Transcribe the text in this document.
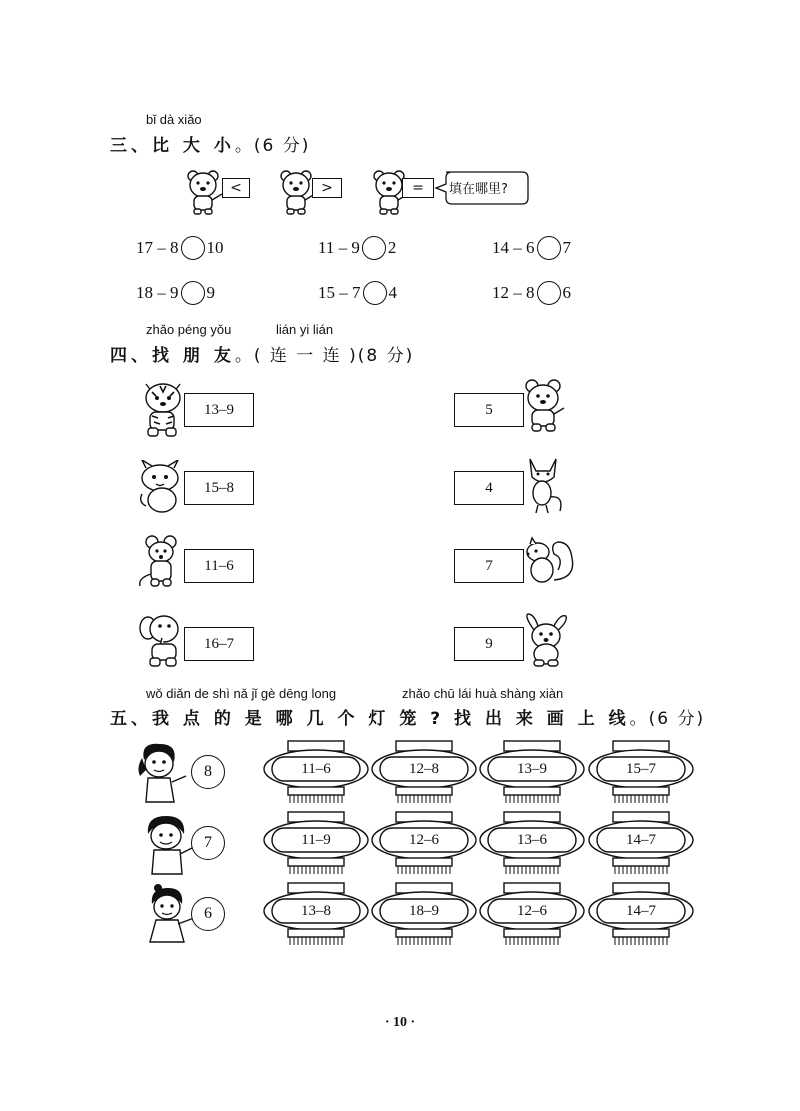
bǐ dà xiǎo
三、比 大 小。(6 分)
<	>	=	填在哪里?
17 – 8 10	11 – 9 2	14 – 6 7
18 – 9 9	15 – 7 4	12 – 8 6
zhǎo péng yǒu	lián yi lián
四、找 朋 友。( 连 一 连 )(8 分)
13–9
15–8
11–6
16–7
5
4
7
9
wǒ diǎn de shì nǎ jǐ gè dēng long	zhǎo chū lái huà shàng xiàn
五、我 点 的 是 哪 几 个 灯 笼 ? 找 出 来 画 上 线。(6 分)
8
7
6
11–6	12–8	13–9	15–7
11–9	12–6	13–6	14–7
13–8	18–9	12–6	14–7
· 10 ·
